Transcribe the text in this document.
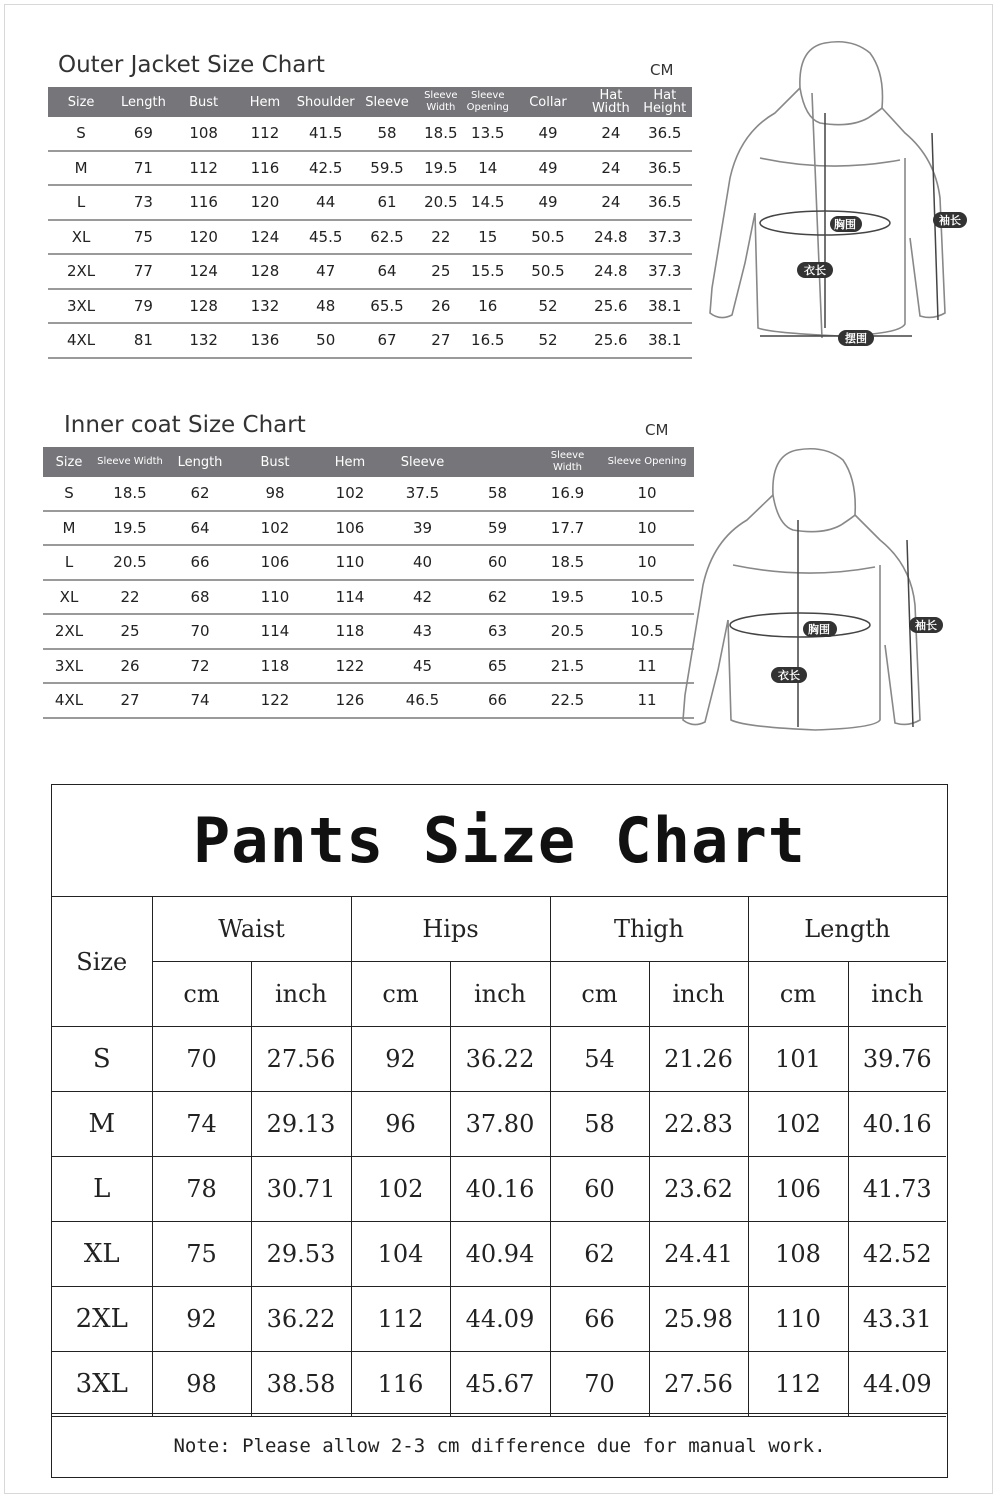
Outer Jacket Size Chart	CM
Size	Length	Bust	Hem	Shoulder	Sleeve	Sleeve Width	Sleeve Opening	Collar	Hat Width	Hat Height
S	69	108	112	41.5	58	18.5	13.5	49	24	36.5
M	71	112	116	42.5	59.5	19.5	14	49	24	36.5
L	73	116	120	44	61	20.5	14.5	49	24	36.5
XL	75	120	124	45.5	62.5	22	15	50.5	24.8	37.3
2XL	77	124	128	47	64	25	15.5	50.5	24.8	37.3
3XL	79	128	132	48	65.5	26	16	52	25.6	38.1
4XL	81	132	136	50	67	27	16.5	52	25.6	38.1
胸围	袖长
衣长
摆围
Inner coat Size Chart	CM
Size	Sleeve Width	Length	Bust	Hem	Sleeve		Sleeve Width	Sleeve Opening
S	18.5	62	98	102	37.5	58	16.9	10
M	19.5	64	102	106	39	59	17.7	10
L	20.5	66	106	110	40	60	18.5	10
XL	22	68	110	114	42	62	19.5	10.5
2XL	25	70	114	118	43	63	20.5	10.5
3XL	26	72	118	122	45	65	21.5	11
4XL	27	74	122	126	46.5	66	22.5	11
胸围	袖长
衣长
Pants Size Chart
Size	Waist		Hips		Thigh		Length	
	cm	inch	cm	inch	cm	inch	cm	inch
S	70	27.56	92	36.22	54	21.26	101	39.76
M	74	29.13	96	37.80	58	22.83	102	40.16
L	78	30.71	102	40.16	60	23.62	106	41.73
XL	75	29.53	104	40.94	62	24.41	108	42.52
2XL	92	36.22	112	44.09	66	25.98	110	43.31
3XL	98	38.58	116	45.67	70	27.56	112	44.09
Note: Please allow 2-3 cm difference due for manual work.
